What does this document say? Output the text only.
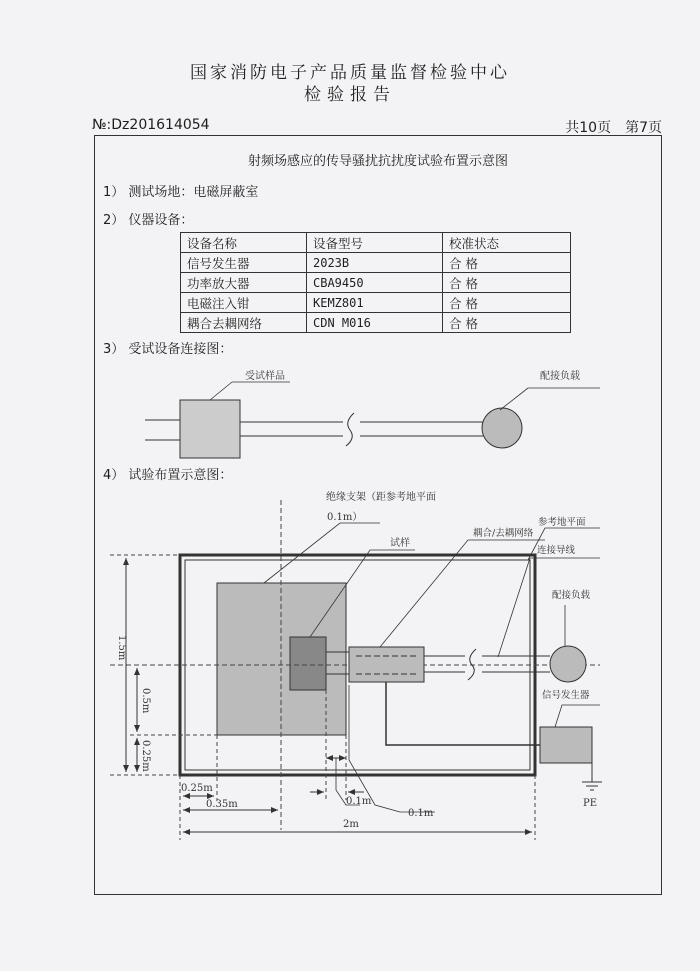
国家消防电子产品质量监督检验中心
检验报告
№:Dz201614054	共10页 第7页
射频场感应的传导骚扰抗扰度试验布置示意图
1） 测试场地：电磁屏蔽室
2） 仪器设备：
设备名称	设备型号	校准状态
信号发生器	2023B	合 格
功率放大器	CBA9450	合 格
电磁注入钳	KEMZ801	合 格
耦合去耦网络	CDN M016	合 格
3） 受试设备连接图：
4） 试验布置示意图：
受试样品	配接负载
PE
绝缘支架（距参考地平面
0.1m）
试样
耦合/去耦网络
参考地平面
连接导线
配接负载
信号发生器
1.5m
0.5m
0.25m
0.25m
0.35m	0.1m
0.1m
2m
